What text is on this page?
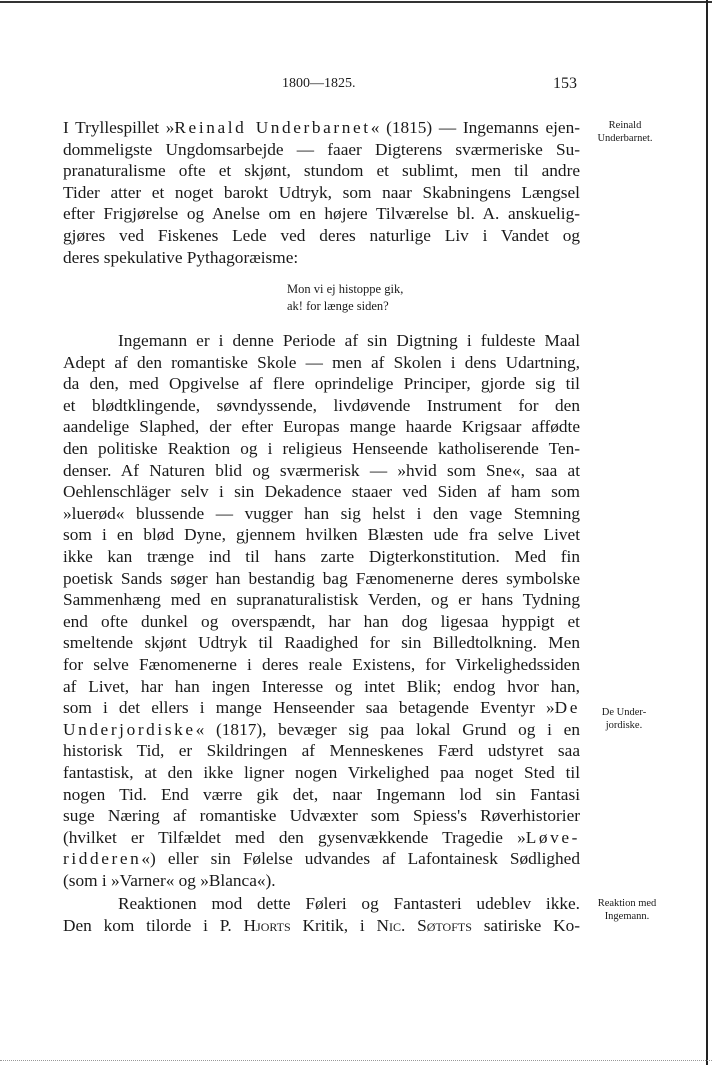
1800—1825.	153
I Tryllespillet »Reinald Underbarnet« (1815) — Ingemanns ejen-
dommeligste Ungdomsarbejde — faaer Digterens sværmeriske Su-
pranaturalisme ofte et skjønt, stundom et sublimt, men til andre
Tider atter et noget barokt Udtryk, som naar Skabningens Længsel
efter Frigjørelse og Anelse om en højere Tilværelse bl. A. anskuelig-
gjøres ved Fiskenes Lede ved deres naturlige Liv i Vandet og
deres spekulative Pythagoræisme:
Ingemann er i denne Periode af sin Digtning i fuldeste Maal
Adept af den romantiske Skole — men af Skolen i dens Udartning,
da den, med Opgivelse af flere oprindelige Principer, gjorde sig til
et blødtklingende, søvndyssende, livdøvende Instrument for den
aandelige Slaphed, der efter Europas mange haarde Krigsaar affødte
den politiske Reaktion og i religieus Henseende katholiserende Ten-
denser. Af Naturen blid og sværmerisk — »hvid som Sne«, saa at
Oehlenschläger selv i sin Dekadence staaer ved Siden af ham som
»luerød« blussende — vugger han sig helst i den vage Stemning
som i en blød Dyne, gjennem hvilken Blæsten ude fra selve Livet
ikke kan trænge ind til hans zarte Digterkonstitution. Med fin
poetisk Sands søger han bestandig bag Fænomenerne deres symbolske
Sammenhæng med en supranaturalistisk Verden, og er hans Tydning
end ofte dunkel og overspændt, har han dog ligesaa hyppigt et
smeltende skjønt Udtryk til Raadighed for sin Billedtolkning. Men
for selve Fænomenerne i deres reale Existens, for Virkelighedssiden
af Livet, har han ingen Interesse og intet Blik; endog hvor han,
som i det ellers i mange Henseender saa betagende Eventyr »De
Underjordiske« (1817), bevæger sig paa lokal Grund og i en
historisk Tid, er Skildringen af Menneskenes Færd udstyret saa
fantastisk, at den ikke ligner nogen Virkelighed paa noget Sted til
nogen Tid. End værre gik det, naar Ingemann lod sin Fantasi
suge Næring af romantiske Udvæxter som Spiess's Røverhistorier
(hvilket er Tilfældet med den gysenvækkende Tragedie »Løve-
ridderen«) eller sin Følelse udvandes af Lafontainesk Sødlighed
(som i »Varner« og »Blanca«).
Reaktionen mod dette Føleri og Fantasteri udeblev ikke.
Den kom tilorde i P. Hjorts Kritik, i Nic. Søtofts satiriske Ko-
Mon vi ej histoppe gik,
ak! for længe siden?
Reinald
Underbarnet.
De Under-
jordiske.
Reaktion med
Ingemann.
